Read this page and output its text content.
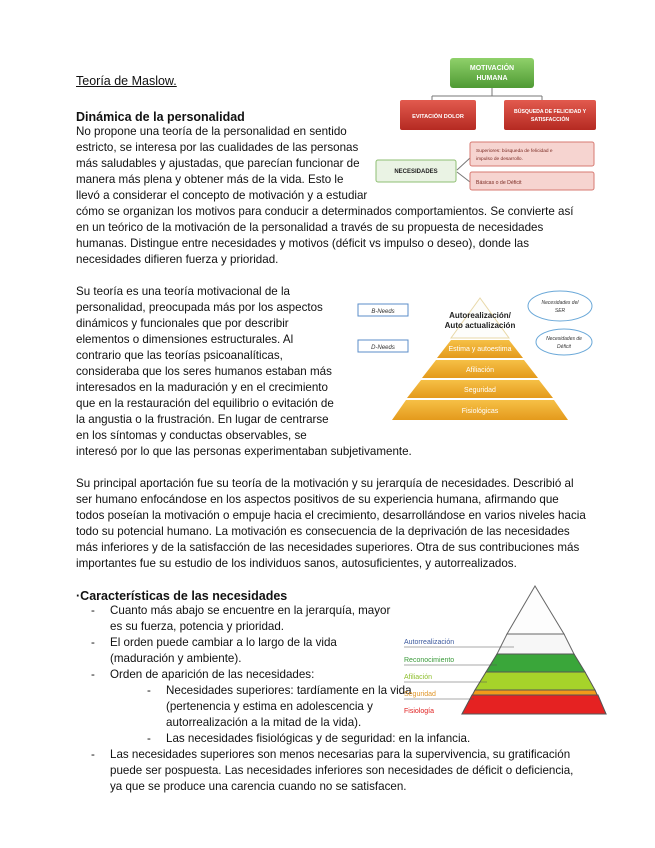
Teoría de Maslow.
Dinámica de la personalidad

No propone una teoría de la personalidad en sentido

estricto, se interesa por las cualidades de las personas

más saludables y ajustadas, que parecían funcionar de

manera más plena y obtener más de la vida. Esto le

llevó a considerar el concepto de motivación y a estudiar

cómo se organizan los motivos para conducir a determinados comportamientos. Se convierte así en un teórico de la motivación de la personalidad a través de su propuesta de necesidades humanas. Distingue entre necesidades y motivos (déficit vs impulso o deseo), donde las necesidades difieren fuerza y prioridad.

Su teoría es una teoría motivacional de la

personalidad, preocupada más por los aspectos

dinámicos y funcionales que por describir

elementos o dimensiones estructurales. Al

contrario que las teorías psicoanalíticas,

consideraba que los seres humanos estaban más

interesados en la maduración y en el crecimiento

que en la restauración del equilibrio o evitación de

la angustia o la frustración. En lugar de centrarse

en los síntomas y conductas observables, se

interesó por lo que las personas experimentaban subjetivamente.
Su principal aportación fue su teoría de la motivación y su jerarquía de necesidades. Describió al ser humano enfocándose en los aspectos positivos de su experiencia humana, afirmando que todos poseían la motivación o empuje hacia el crecimiento, desarrollándose en varios niveles hacia todo su potencial humano. La motivación es consecuencia de la deprivación de las necesidades más inferiores y de la satisfacción de las necesidades superiores. Otra de sus contribuciones más importantes fue su estudio de los individuos sanos, autosuficientes, y autorrealizados.
·Características de las necesidades

- Cuanto más abajo se encuentre en la jerarquía, mayor

es su fuerza, potencia y prioridad.

- El orden puede cambiar a lo largo de la vida

(maduración y ambiente).

- Orden de aparición de las necesidades:

- Necesidades superiores: tardíamente en la vida

(pertenencia y estima en adolescencia y

autorrealización a la mitad de la vida).

- Las necesidades fisiológicas y de seguridad: en la infancia.

- Las necesidades superiores son menos necesarias para la supervivencia, su gratificación

puede ser pospuesta. Las necesidades inferiores son necesidades de déficit o deficiencia,

ya que se produce una carencia cuando no se satisfacen.

MOTIVACIÓN
HUMANA
EVITACIÓN DOLOR
BÚSQUEDA DE FELICIDAD Y
SATISFACCIÓN
NECESIDADES
Superiores: búsqueda de felicidad e
impulso de desarrollo.
Básicas o de Déficit
Estima y autoestima
Afiliación
Seguridad
Fisiológicas
Autorealización/
Auto actualización
B-Needs
D-Needs
Necesidades del
SER
Necesidades de
Déficit
Autorrealización
Reconocimiento
Afiliación
Seguridad
Fisiología
